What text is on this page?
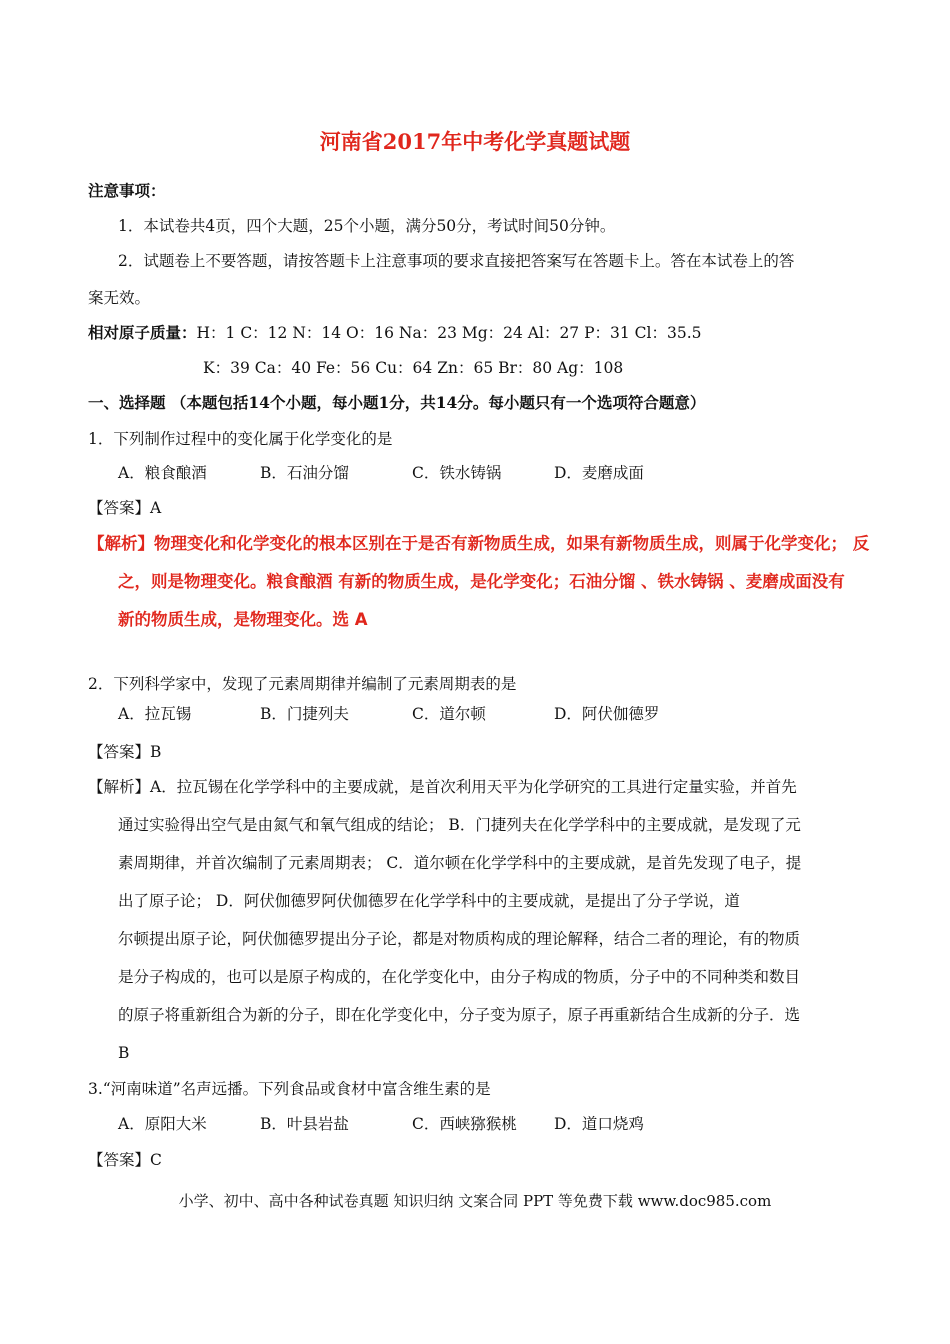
河南省2017年中考化学真题试题
注意事项：
1．本试卷共4页，四个大题，25个小题，满分50分，考试时间50分钟。
2．试题卷上不要答题，请按答题卡上注意事项的要求直接把答案写在答题卡上。答在本试卷上的答
案无效。
相对原子质量：H：1 C：12 N：14 O：16 Na：23 Mg：24 Al：27 P：31 Cl：35.5
K：39 Ca：40 Fe：56 Cu：64 Zn：65 Br：80 Ag：108
一、选择题 （本题包括14个小题，每小题1分，共14分。每小题只有一个选项符合题意）
1．下列制作过程中的变化属于化学变化的是
A．粮食酿酒	B．石油分馏	C．铁水铸锅	D．麦磨成面
【答案】A
【解析】物理变化和化学变化的根本区别在于是否有新物质生成，如果有新物质生成，则属于化学变化； 反
之，则是物理变化。粮食酿酒 有新的物质生成，是化学变化；石油分馏 、铁水铸锅 、麦磨成面没有
新的物质生成，是物理变化。选 A
2．下列科学家中，发现了元素周期律并编制了元素周期表的是
A．拉瓦锡	B．门捷列夫	C．道尔顿	D．阿伏伽德罗
【答案】B
【解析】A．拉瓦锡在化学学科中的主要成就，是首次利用天平为化学研究的工具进行定量实验，并首先
通过实验得出空气是由氮气和氧气组成的结论； B．门捷列夫在化学学科中的主要成就，是发现了元
素周期律，并首次编制了元素周期表； C．道尔顿在化学学科中的主要成就，是首先发现了电子，提
出了原子论； D．阿伏伽德罗阿伏伽德罗在化学学科中的主要成就，是提出了分子学说，道
尔顿提出原子论，阿伏伽德罗提出分子论，都是对物质构成的理论解释，结合二者的理论，有的物质
是分子构成的，也可以是原子构成的，在化学变化中，由分子构成的物质，分子中的不同种类和数目
的原子将重新组合为新的分子，即在化学变化中，分子变为原子，原子再重新结合生成新的分子．选
B
3.“河南味道”名声远播。下列食品或食材中富含维生素的是
A．原阳大米	B．叶县岩盐	C．西峡猕猴桃 D．道口烧鸡
【答案】C
小学、初中、高中各种试卷真题 知识归纳 文案合同 PPT 等免费下载 www.doc985.com
